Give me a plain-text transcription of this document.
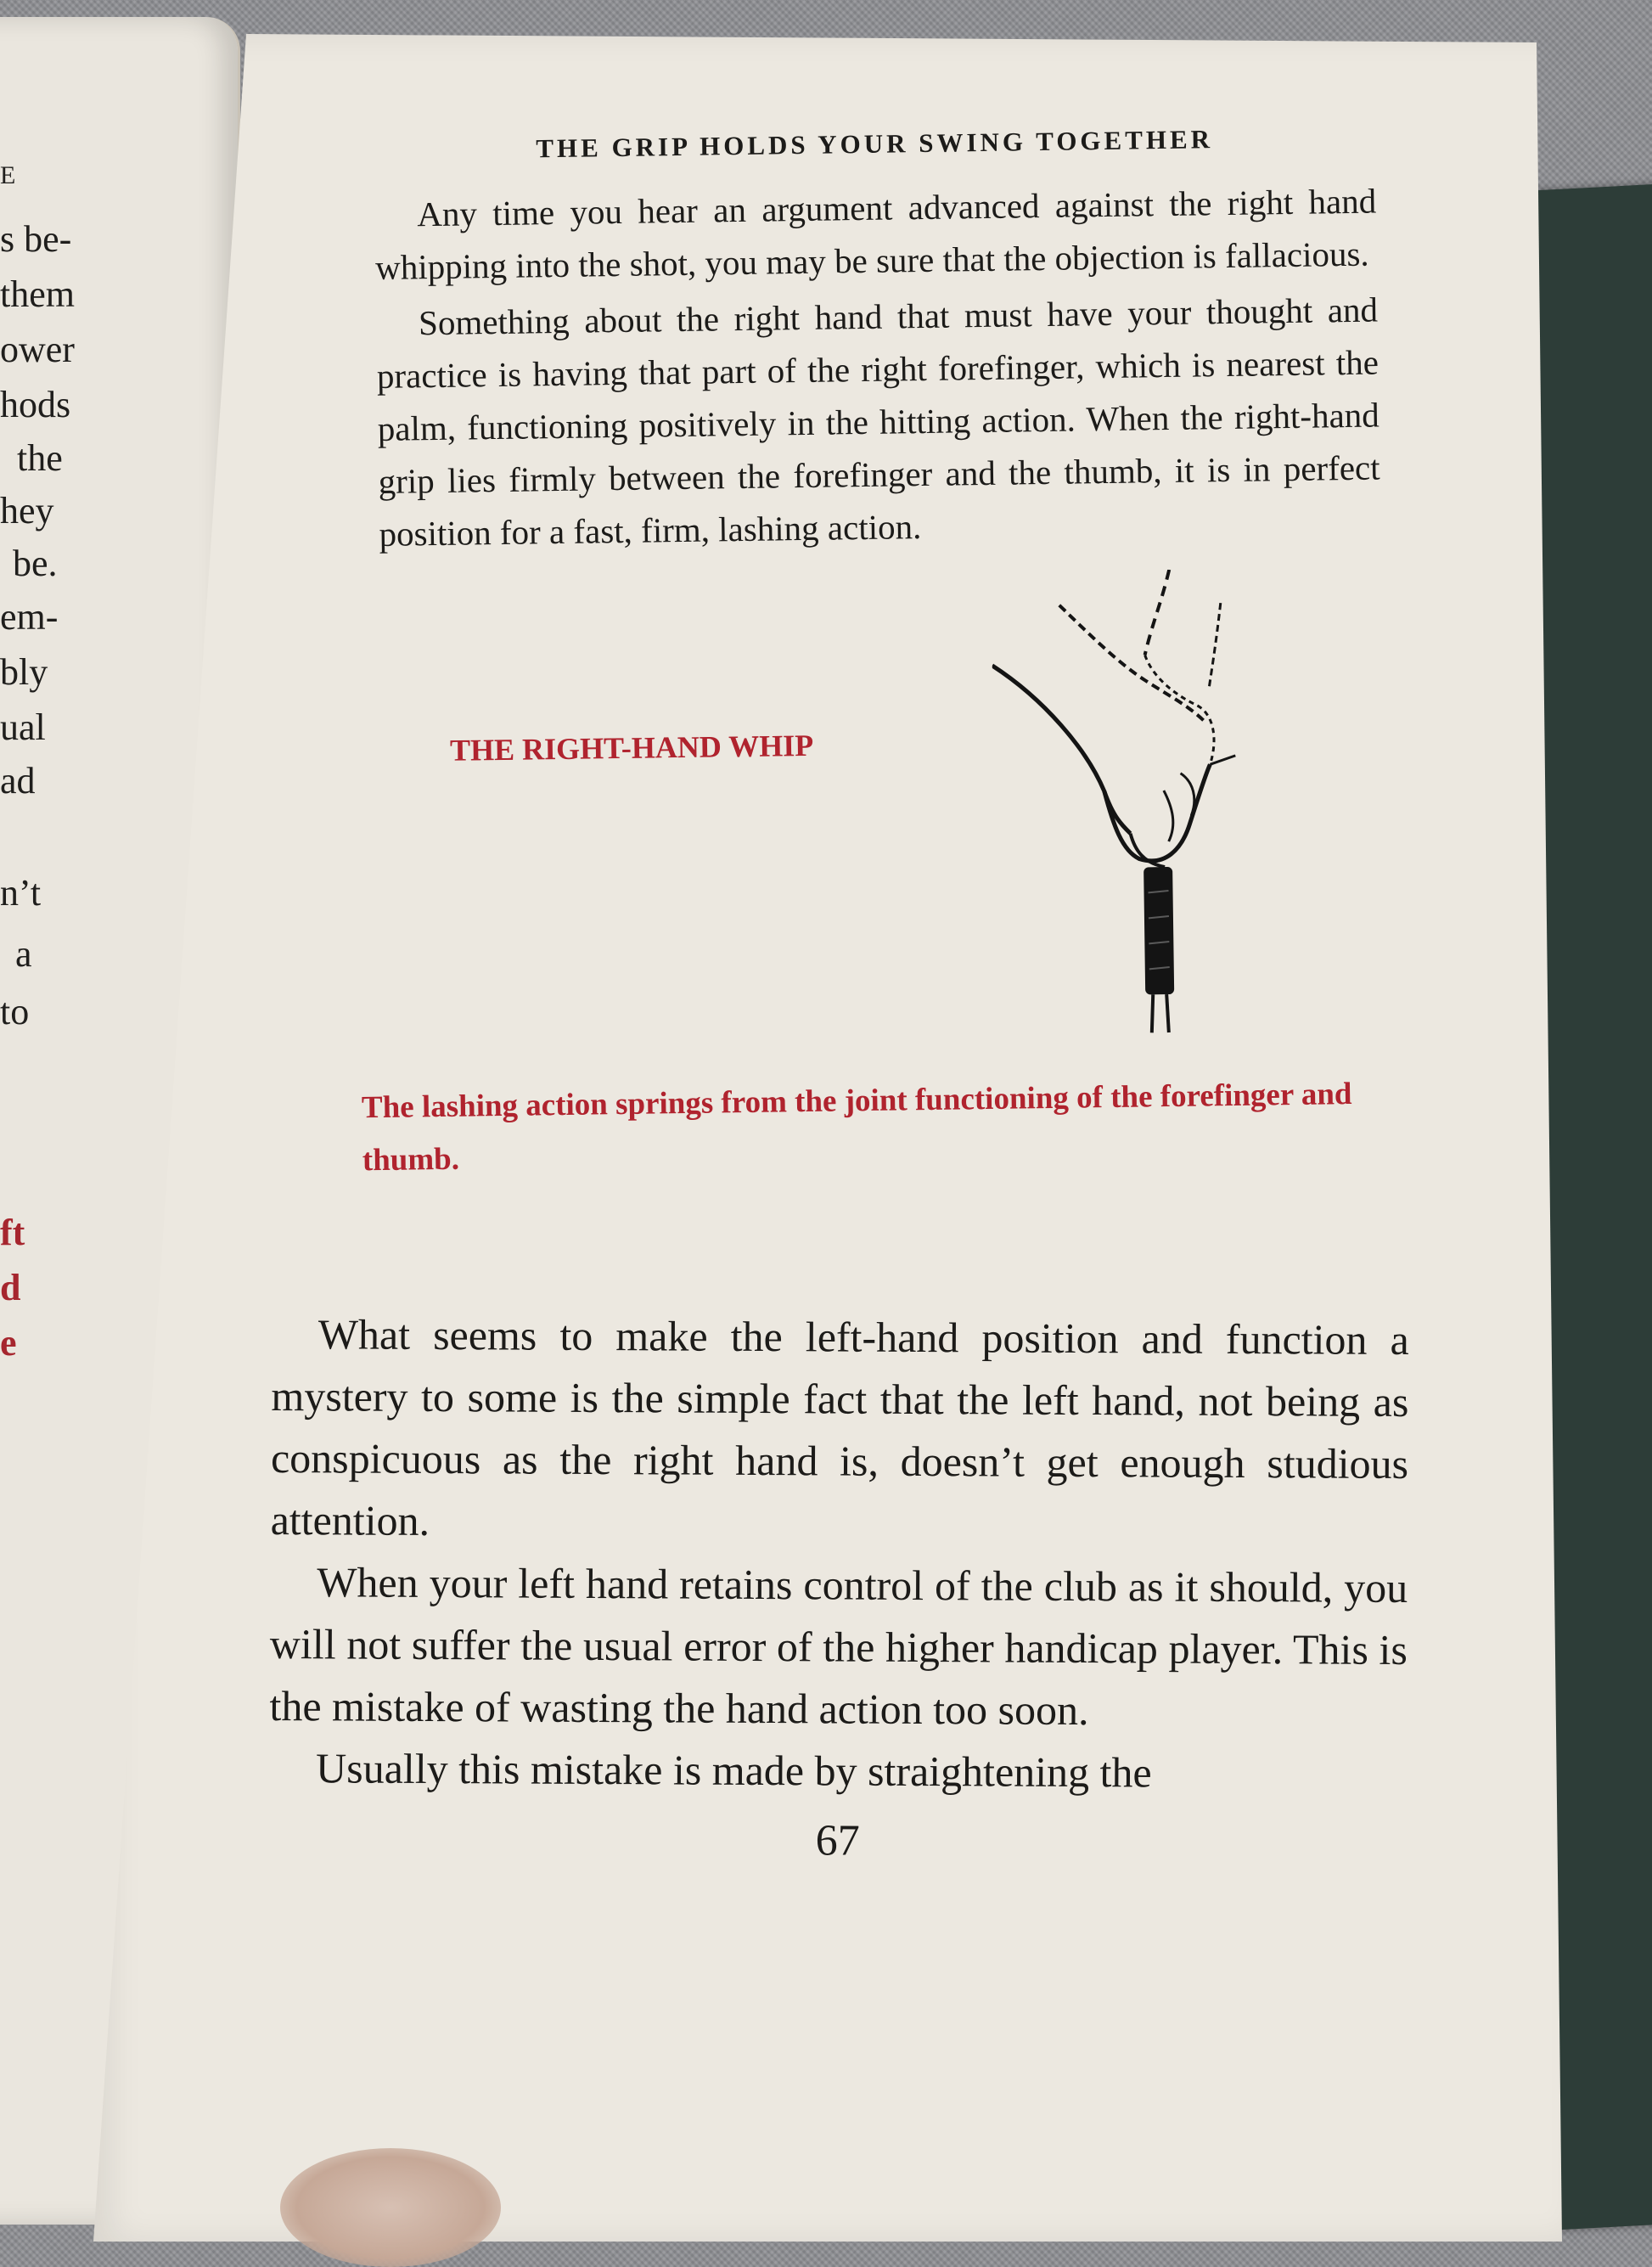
E
s be-
them
ower
hods
the
hey
be.
em-
bly
ual
ad
n’t
a
to
ft
d
e
THE GRIP HOLDS YOUR SWING TOGETHER

Any time you hear an argument advanced against the right hand whipping into the shot, you may be sure that the objection is fallacious.

Something about the right hand that must have your thought and practice is having that part of the right forefinger, which is nearest the palm, functioning positively in the hitting action. When the right-hand grip lies firmly between the forefinger and the thumb, it is in perfect position for a fast, firm, lashing action.

THE RIGHT-HAND WHIP
The lashing action springs from the joint functioning of the forefinger and thumb.

What seems to make the left-hand position and function a mystery to some is the simple fact that the left hand, not being as conspicuous as the right hand is, doesn’t get enough studious attention.

When your left hand retains control of the club as it should, you will not suffer the usual error of the higher handicap player. This is the mistake of wasting the hand action too soon.

Usually this mistake is made by straightening the

67
